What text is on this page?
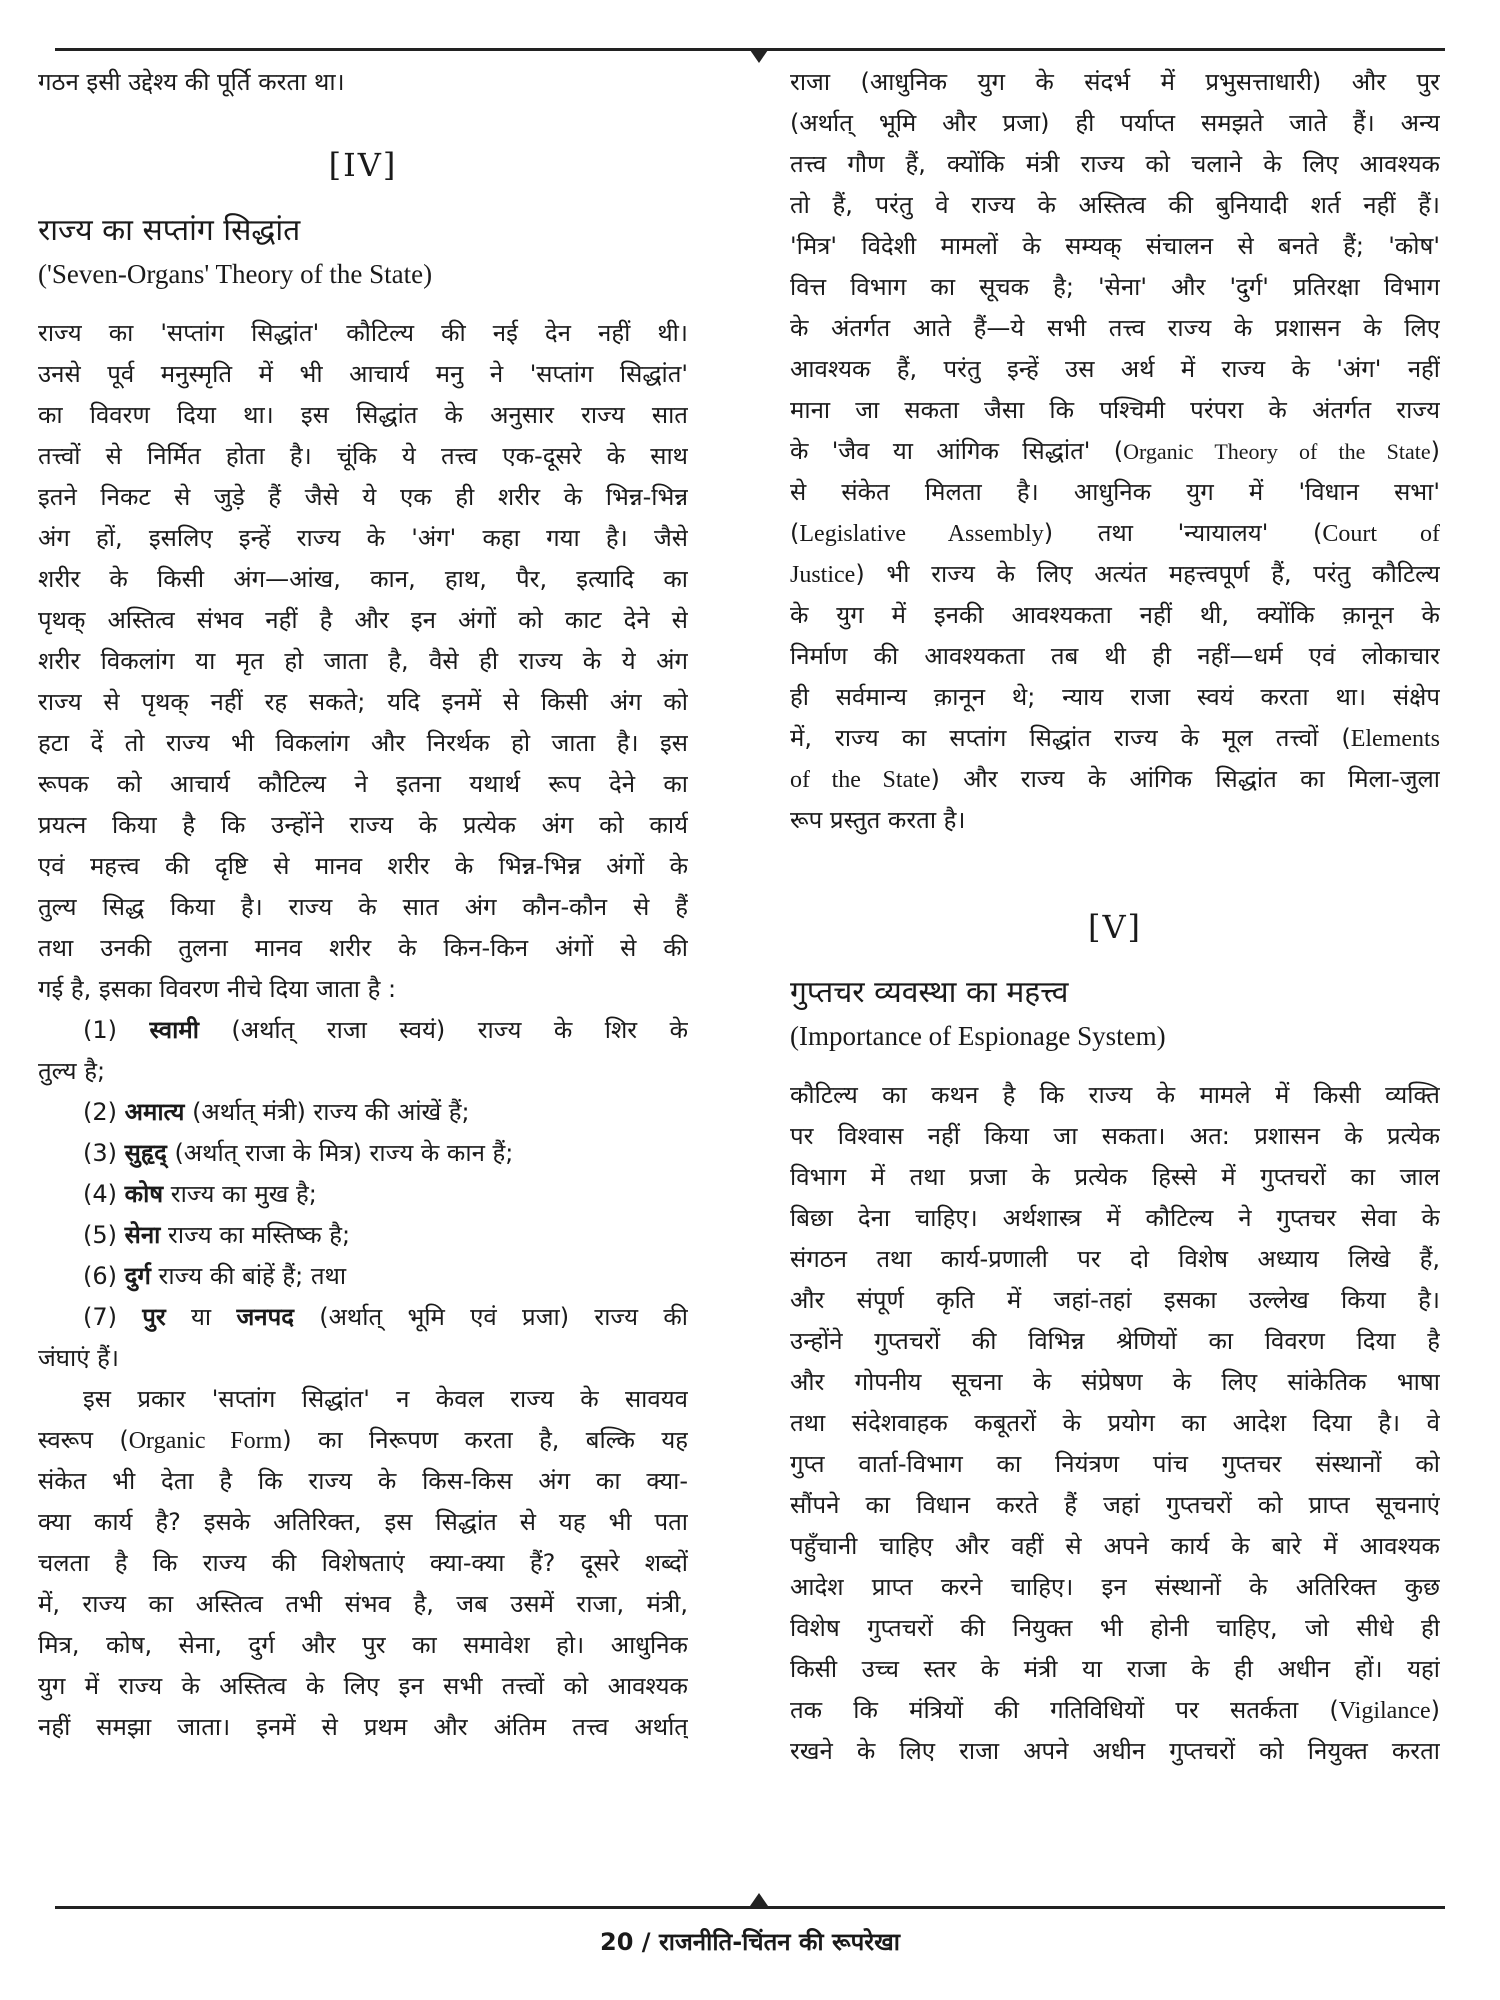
गठन इसी उद्देश्य की पूर्ति करता था।
[IV]
राज्य का सप्तांग सिद्धांत
('Seven-Organs' Theory of the State)
राज्य का 'सप्तांग सिद्धांत' कौटिल्य की नई देन नहीं थी।
उनसे पूर्व मनुस्मृति में भी आचार्य मनु ने 'सप्तांग सिद्धांत'
का विवरण दिया था। इस सिद्धांत के अनुसार राज्य सात
तत्त्वों से निर्मित होता है। चूंकि ये तत्त्व एक-दूसरे के साथ
इतने निकट से जुड़े हैं जैसे ये एक ही शरीर के भिन्न-भिन्न
अंग हों, इसलिए इन्हें राज्य के 'अंग' कहा गया है। जैसे
शरीर के किसी अंग—आंख, कान, हाथ, पैर, इत्यादि का
पृथक् अस्तित्व संभव नहीं है और इन अंगों को काट देने से
शरीर विकलांग या मृत हो जाता है, वैसे ही राज्य के ये अंग
राज्य से पृथक् नहीं रह सकते; यदि इनमें से किसी अंग को
हटा दें तो राज्य भी विकलांग और निरर्थक हो जाता है। इस
रूपक को आचार्य कौटिल्य ने इतना यथार्थ रूप देने का
प्रयत्न किया है कि उन्होंने राज्य के प्रत्येक अंग को कार्य
एवं महत्त्व की दृष्टि से मानव शरीर के भिन्न-भिन्न अंगों के
तुल्य सिद्ध किया है। राज्य के सात अंग कौन-कौन से हैं
तथा उनकी तुलना मानव शरीर के किन-किन अंगों से की
गई है, इसका विवरण नीचे दिया जाता है :
(1) स्वामी (अर्थात् राजा स्वयं) राज्य के शिर के
तुल्य है;
(2) अमात्य (अर्थात् मंत्री) राज्य की आंखें हैं;
(3) सुहृद् (अर्थात् राजा के मित्र) राज्य के कान हैं;
(4) कोष राज्य का मुख है;
(5) सेना राज्य का मस्तिष्क है;
(6) दुर्ग राज्य की बांहें हैं; तथा
(7) पुर या जनपद (अर्थात् भूमि एवं प्रजा) राज्य की
जंघाएं हैं।
इस प्रकार 'सप्तांग सिद्धांत' न केवल राज्य के सावयव
स्वरूप (Organic Form) का निरूपण करता है, बल्कि यह
संकेत भी देता है कि राज्य के किस-किस अंग का क्या-
क्या कार्य है? इसके अतिरिक्त, इस सिद्धांत से यह भी पता
चलता है कि राज्य की विशेषताएं क्या-क्या हैं? दूसरे शब्दों
में, राज्य का अस्तित्व तभी संभव है, जब उसमें राजा, मंत्री,
मित्र, कोष, सेना, दुर्ग और पुर का समावेश हो। आधुनिक
युग में राज्य के अस्तित्व के लिए इन सभी तत्त्वों को आवश्यक
नहीं समझा जाता। इनमें से प्रथम और अंतिम तत्त्व अर्थात्
राजा (आधुनिक युग के संदर्भ में प्रभुसत्ताधारी) और पुर
(अर्थात् भूमि और प्रजा) ही पर्याप्त समझते जाते हैं। अन्य
तत्त्व गौण हैं, क्योंकि मंत्री राज्य को चलाने के लिए आवश्यक
तो हैं, परंतु वे राज्य के अस्तित्व की बुनियादी शर्त नहीं हैं।
'मित्र' विदेशी मामलों के सम्यक् संचालन से बनते हैं; 'कोष'
वित्त विभाग का सूचक है; 'सेना' और 'दुर्ग' प्रतिरक्षा विभाग
के अंतर्गत आते हैं—ये सभी तत्त्व राज्य के प्रशासन के लिए
आवश्यक हैं, परंतु इन्हें उस अर्थ में राज्य के 'अंग' नहीं
माना जा सकता जैसा कि पश्चिमी परंपरा के अंतर्गत राज्य
के 'जैव या आंगिक सिद्धांत' (Organic Theory of the State)
से संकेत मिलता है। आधुनिक युग में 'विधान सभा'
(Legislative Assembly) तथा 'न्यायालय' (Court of
Justice) भी राज्य के लिए अत्यंत महत्त्वपूर्ण हैं, परंतु कौटिल्य
के युग में इनकी आवश्यकता नहीं थी, क्योंकि क़ानून के
निर्माण की आवश्यकता तब थी ही नहीं—धर्म एवं लोकाचार
ही सर्वमान्य क़ानून थे; न्याय राजा स्वयं करता था। संक्षेप
में, राज्य का सप्तांग सिद्धांत राज्य के मूल तत्त्वों (Elements
of the State) और राज्य के आंगिक सिद्धांत का मिला-जुला
रूप प्रस्तुत करता है।
[V]
गुप्तचर व्यवस्था का महत्त्व
(Importance of Espionage System)
कौटिल्य का कथन है कि राज्य के मामले में किसी व्यक्ति
पर विश्वास नहीं किया जा सकता। अत: प्रशासन के प्रत्येक
विभाग में तथा प्रजा के प्रत्येक हिस्से में गुप्तचरों का जाल
बिछा देना चाहिए। अर्थशास्त्र में कौटिल्य ने गुप्तचर सेवा के
संगठन तथा कार्य-प्रणाली पर दो विशेष अध्याय लिखे हैं,
और संपूर्ण कृति में जहां-तहां इसका उल्लेख किया है।
उन्होंने गुप्तचरों की विभिन्न श्रेणियों का विवरण दिया है
और गोपनीय सूचना के संप्रेषण के लिए सांकेतिक भाषा
तथा संदेशवाहक कबूतरों के प्रयोग का आदेश दिया है। वे
गुप्त वार्ता-विभाग का नियंत्रण पांच गुप्तचर संस्थानों को
सौंपने का विधान करते हैं जहां गुप्तचरों को प्राप्त सूचनाएं
पहुँचानी चाहिए और वहीं से अपने कार्य के बारे में आवश्यक
आदेश प्राप्त करने चाहिए। इन संस्थानों के अतिरिक्त कुछ
विशेष गुप्तचरों की नियुक्त भी होनी चाहिए, जो सीधे ही
किसी उच्च स्तर के मंत्री या राजा के ही अधीन हों। यहां
तक कि मंत्रियों की गतिविधियों पर सतर्कता (Vigilance)
रखने के लिए राजा अपने अधीन गुप्तचरों को नियुक्त करता
20 / राजनीति-चिंतन की रूपरेखा
